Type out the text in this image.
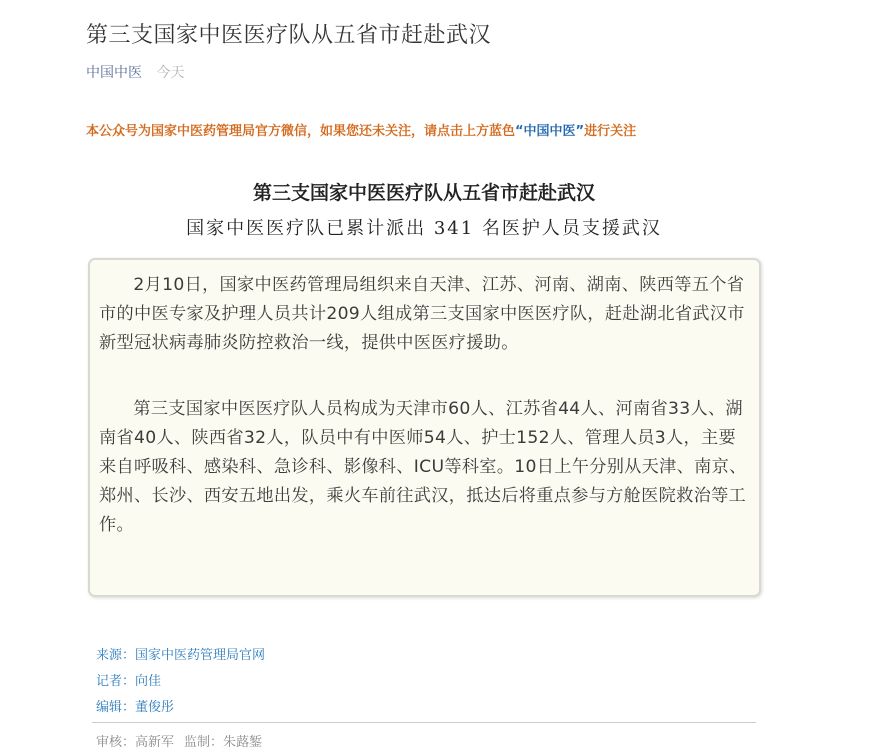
第三支国家中医医疗队从五省市赶赴武汉
中国中医 今天
本公众号为国家中医药管理局官方微信，如果您还未关注，请点击上方蓝色“中国中医”进行关注
第三支国家中医医疗队从五省市赶赴武汉
国家中医医疗队已累计派出 341 名医护人员支援武汉

2月10日，国家中医药管理局组织来自天津、江苏、河南、湖南、陕西等五个省市的中医专家及护理人员共计209人组成第三支国家中医医疗队，赶赴湖北省武汉市新型冠状病毒肺炎防控救治一线，提供中医医疗援助。

第三支国家中医医疗队人员构成为天津市60人、江苏省44人、河南省33人、湖南省40人、陕西省32人，队员中有中医师54人、护士152人、管理人员3人，主要来自呼吸科、感染科、急诊科、影像科、ICU等科室。10日上午分别从天津、南京、郑州、长沙、西安五地出发，乘火车前往武汉，抵达后将重点参与方舱医院救治等工作。

来源：国家中医药管理局官网
记者：向佳
编辑：董俊彤
审核：高新军 监制：朱蕗錾
